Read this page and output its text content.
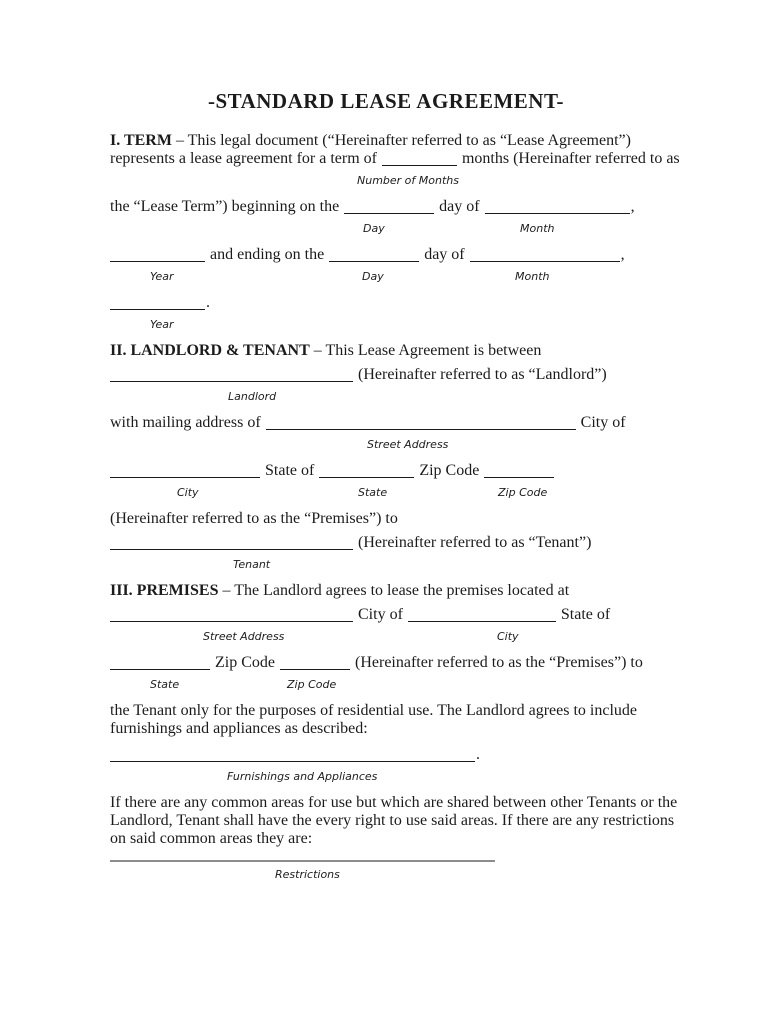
-STANDARD LEASE AGREEMENT-
I. TERM – This legal document (“Hereinafter referred to as “Lease Agreement”)
represents a lease agreement for a term of	months (Hereinafter referred to as
Number of Months
the “Lease Term”) beginning on the	day of	,
Day	Month
and ending on the	day of	,
Year	Day	Month
.
Year
II. LANDLORD & TENANT – This Lease Agreement is between
(Hereinafter referred to as “Landlord”)
Landlord
with mailing address of	City of
Street Address
State of	Zip Code
City	State	Zip Code
(Hereinafter referred to as the “Premises”) to
(Hereinafter referred to as “Tenant”)
Tenant
III. PREMISES – The Landlord agrees to lease the premises located at
City of	State of
Street Address	City
Zip Code	(Hereinafter referred to as the “Premises”) to
State	Zip Code
the Tenant only for the purposes of residential use. The Landlord agrees to include
furnishings and appliances as described:
.
Furnishings and Appliances
If there are any common areas for use but which are shared between other Tenants or the
Landlord, Tenant shall have the every right to use said areas. If there are any restrictions
on said common areas they are:
Restrictions
